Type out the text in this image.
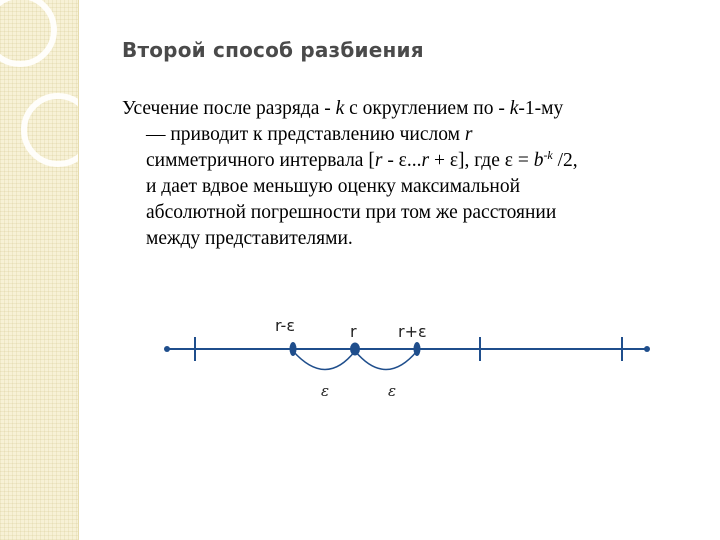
Второй способ разбиения
Усечение после разряда - k с округлением по - k-1-му
— приводит к представлению числом r
симметричного интервала [r - ε...r + ε], где $\varepsilon = b^{-k}$ /2,
и дает вдвое меньшую оценку максимальной
абсолютной погрешности при том же расстоянии
между представителями.
r-ε	r	r+ε
ε	ε
